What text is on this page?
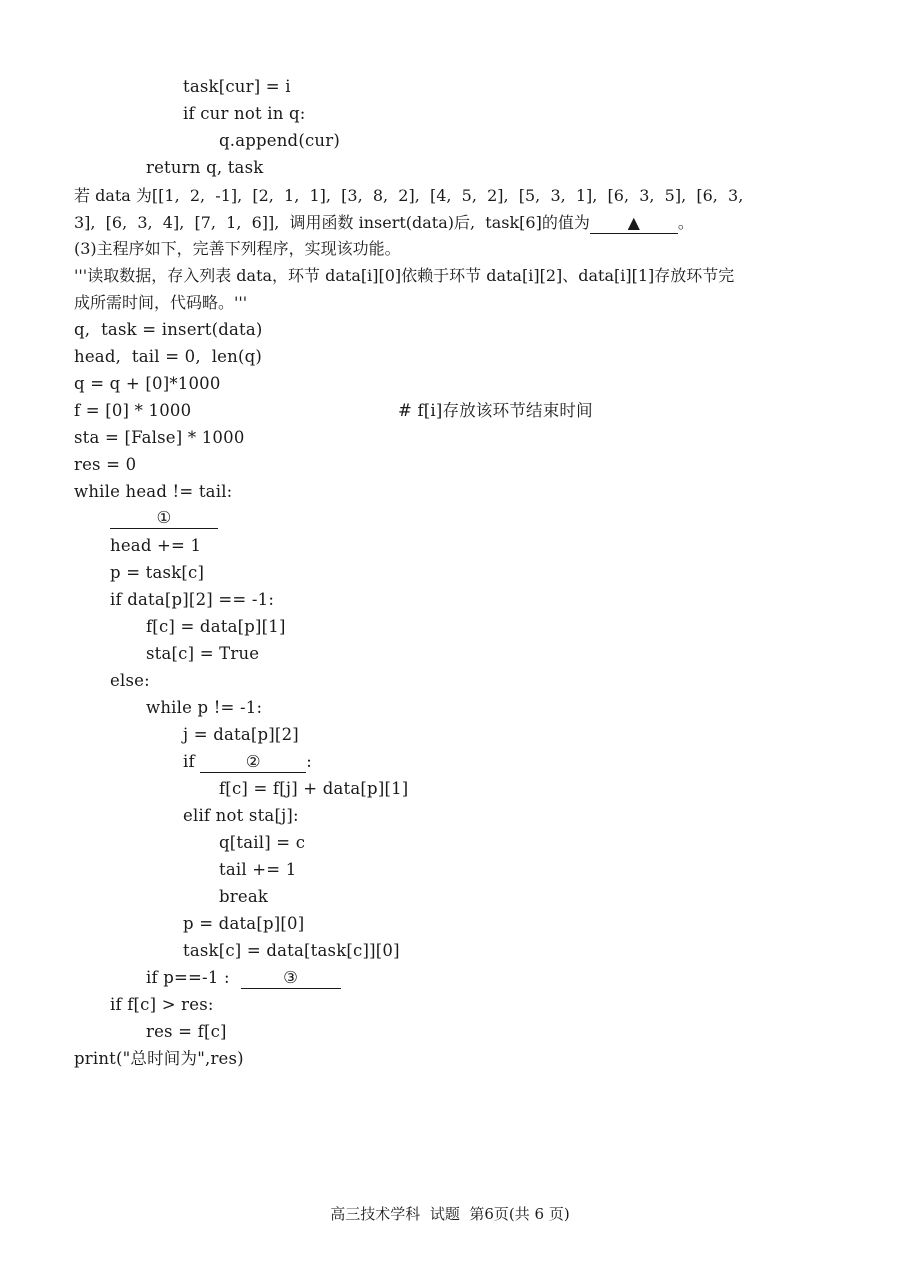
task[cur] = i
if cur not in q:
q.append(cur)
return q, task
若 data 为[[1,  2,  -1],  [2,  1,  1],  [3,  8,  2],  [4,  5,  2],  [5,  3,  1],  [6,  3,  5],  [6,  3,
3],  [6,  3,  4],  [7,  1,  6]],  调用函数 insert(data)后,  task[6]的值为 ▲ 。
(3)主程序如下，完善下列程序，实现该功能。
'''读取数据，存入列表 data，环节 data[i][0]依赖于环节 data[i][2]、data[i][1]存放环节完
成所需时间，代码略。'''
q,  task = insert(data)
head,  tail = 0,  len(q)
q = q + [0]*1000
f = [0] * 1000	# f[i]存放该环节结束时间
sta = [False] * 1000
res = 0
while head != tail:
①
head += 1
p = task[c]
if data[p][2] == -1:
f[c] = data[p][1]
sta[c] = True
else:
while p != -1:
j = data[p][2]
if	②	:
f[c] = f[j] + data[p][1]
elif not sta[j]:
q[tail] = c
tail += 1
break
p = data[p][0]
task[c] = data[task[c]][0]
if p==-1 :	③
if f[c] > res:
res = f[c]
print("总时间为",res)
高三技术学科  试题  第6页(共 6 页)
